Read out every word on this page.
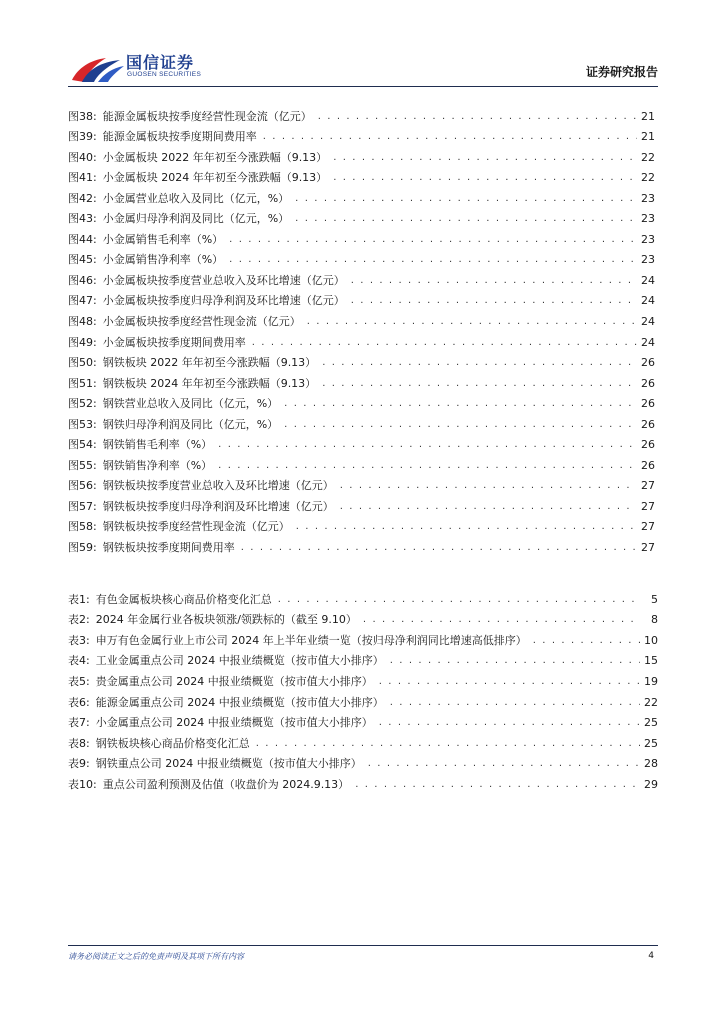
国信证券
GUOSEN SECURITIES	证券研究报告
图38: 能源金属板块按季度经营性现金流（亿元） . . .	21
图39: 能源金属板块按季度期间费用率 . . .	21
图40: 小金属板块 2022 年年初至今涨跌幅（9.13） . . .	22
图41: 小金属板块 2024 年年初至今涨跌幅（9.13） . . .	22
图42: 小金属营业总收入及同比（亿元，%） . . .	23
图43: 小金属归母净利润及同比（亿元，%） . . .	23
图44: 小金属销售毛利率（%） . . .	23
图45: 小金属销售净利率（%） . . .	23
图46: 小金属板块按季度营业总收入及环比增速（亿元） . . .	24
图47: 小金属板块按季度归母净利润及环比增速（亿元） . . .	24
图48: 小金属板块按季度经营性现金流（亿元） . . .	24
图49: 小金属板块按季度期间费用率 . . .	24
图50: 钢铁板块 2022 年年初至今涨跌幅（9.13） . . .	26
图51: 钢铁板块 2024 年年初至今涨跌幅（9.13） . . .	26
图52: 钢铁营业总收入及同比（亿元，%） . . .	26
图53: 钢铁归母净利润及同比（亿元，%） . . .	26
图54: 钢铁销售毛利率（%） . . .	26
图55: 钢铁销售净利率（%） . . .	26
图56: 钢铁板块按季度营业总收入及环比增速（亿元） . . .	27
图57: 钢铁板块按季度归母净利润及环比增速（亿元） . . .	27
图58: 钢铁板块按季度经营性现金流（亿元） . . .	27
图59: 钢铁板块按季度期间费用率 . . .	27
表1: 有色金属板块核心商品价格变化汇总 . . .	5
表2: 2024 年金属行业各板块领涨/领跌标的（截至 9.10） . . .	8
表3: 申万有色金属行业上市公司 2024 年上半年业绩一览（按归母净利润同比增速高低排序） . . .	10
表4: 工业金属重点公司 2024 中报业绩概览（按市值大小排序） . . .	15
表5: 贵金属重点公司 2024 中报业绩概览（按市值大小排序） . . .	19
表6: 能源金属重点公司 2024 中报业绩概览（按市值大小排序） . . .	22
表7: 小金属重点公司 2024 中报业绩概览（按市值大小排序） . . .	25
表8: 钢铁板块核心商品价格变化汇总 . . .	25
表9: 钢铁重点公司 2024 中报业绩概览（按市值大小排序） . . .	28
表10: 重点公司盈利预测及估值（收盘价为 2024.9.13） . . .	29
请务必阅读正文之后的免责声明及其项下所有内容	4
